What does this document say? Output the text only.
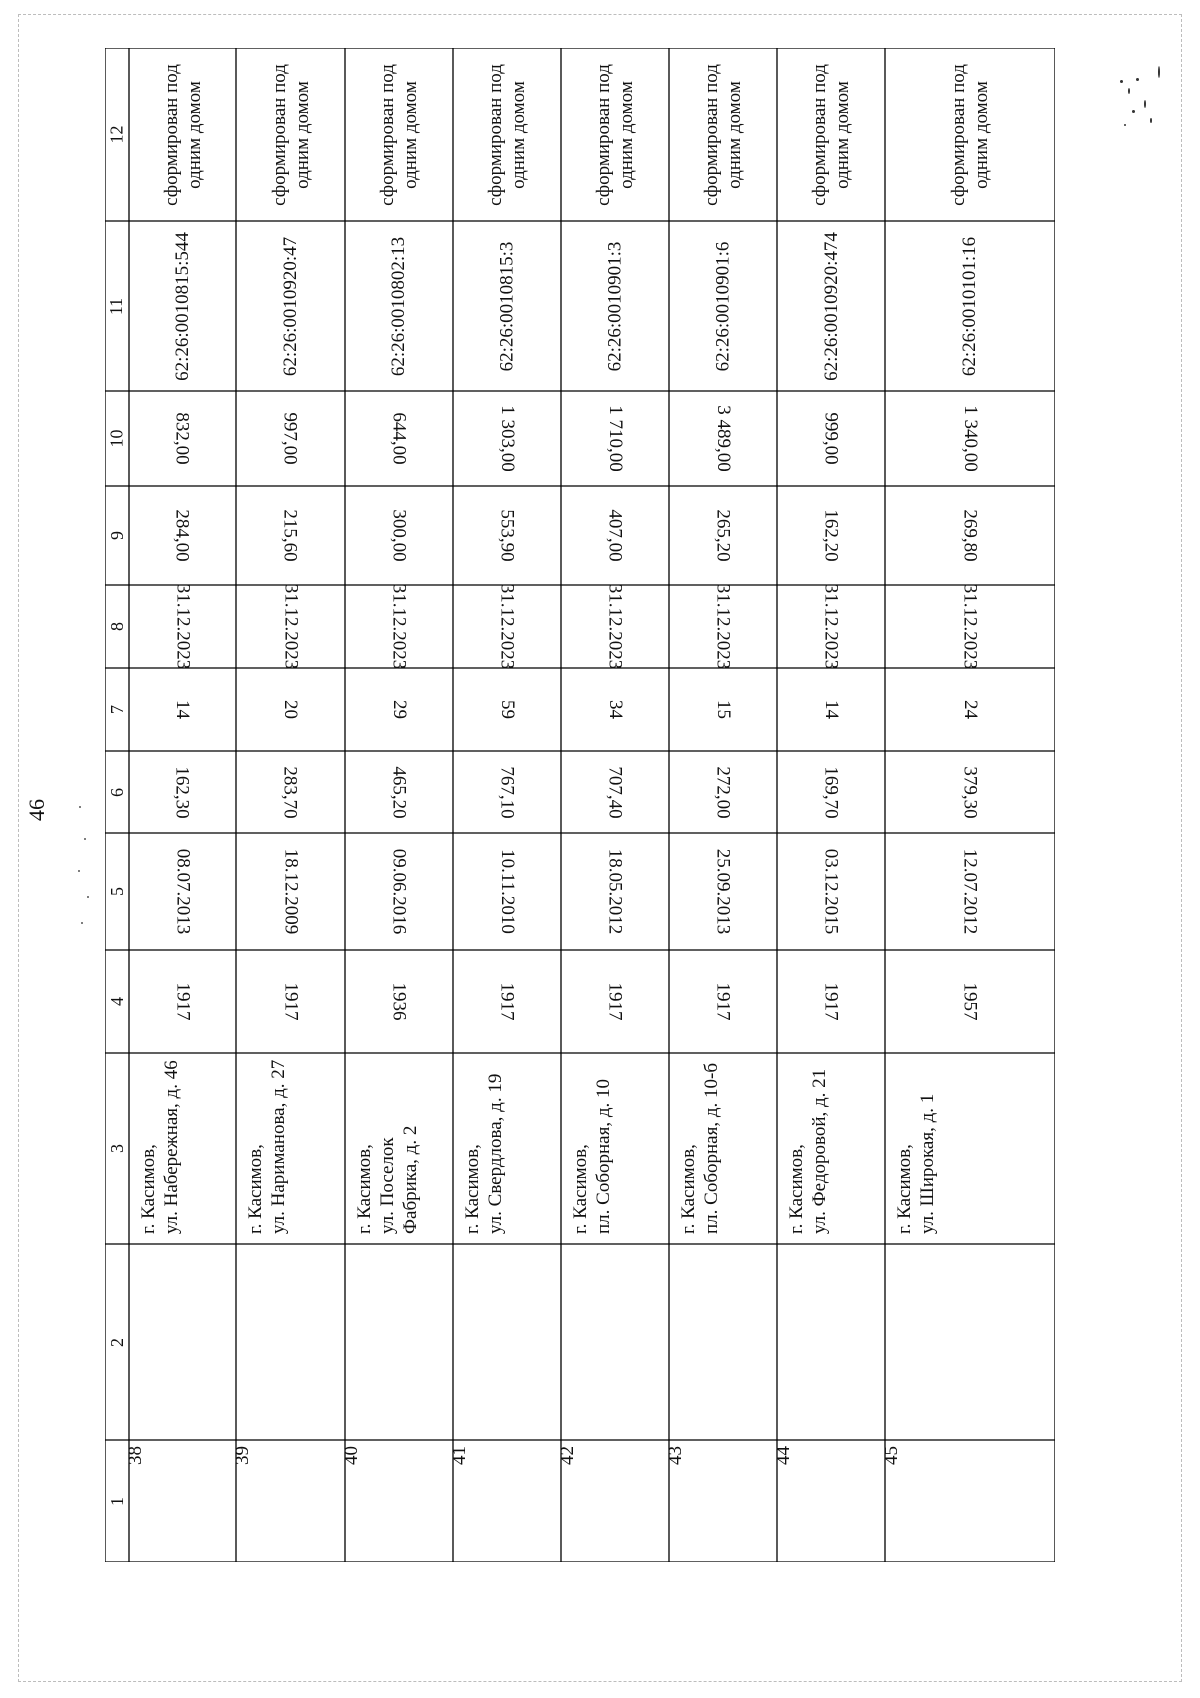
46
1
2
3
4
5
6
7
8
9
10
11
12
38
г. Касимов, ул. Набережная, д. 46
1917
08.07.2013
162,30
14
31.12.2023
284,00
832,00
62:26:0010815:544
сформирован под одним домом
39
г. Касимов, ул. Нариманова, д. 27
1917
18.12.2009
283,70
20
31.12.2023
215,60
997,00
62:26:0010920:47
сформирован под одним домом
40
г. Касимов, ул. Поселок Фабрика, д. 2
1936
09.06.2016
465,20
29
31.12.2023
300,00
644,00
62:26:0010802:13
сформирован под одним домом
41
г. Касимов, ул. Свердлова, д. 19
1917
10.11.2010
767,10
59
31.12.2023
553,90
1 303,00
62:26:0010815:3
сформирован под одним домом
42
г. Касимов, пл. Соборная, д. 10
1917
18.05.2012
707,40
34
31.12.2023
407,00
1 710,00
62:26:0010901:3
сформирован под одним домом
43
г. Касимов, пл. Соборная, д. 10-б
1917
25.09.2013
272,00
15
31.12.2023
265,20
3 489,00
62:26:0010901:6
сформирован под одним домом
44
г. Касимов, ул. Федоровой, д. 21
1917
03.12.2015
169,70
14
31.12.2023
162,20
999,00
62:26:0010920:474
сформирован под одним домом
45
г. Касимов, ул. Широкая, д. 1
1957
12.07.2012
379,30
24
31.12.2023
269,80
1 340,00
62:26:0010101:16
сформирован под одним домом
